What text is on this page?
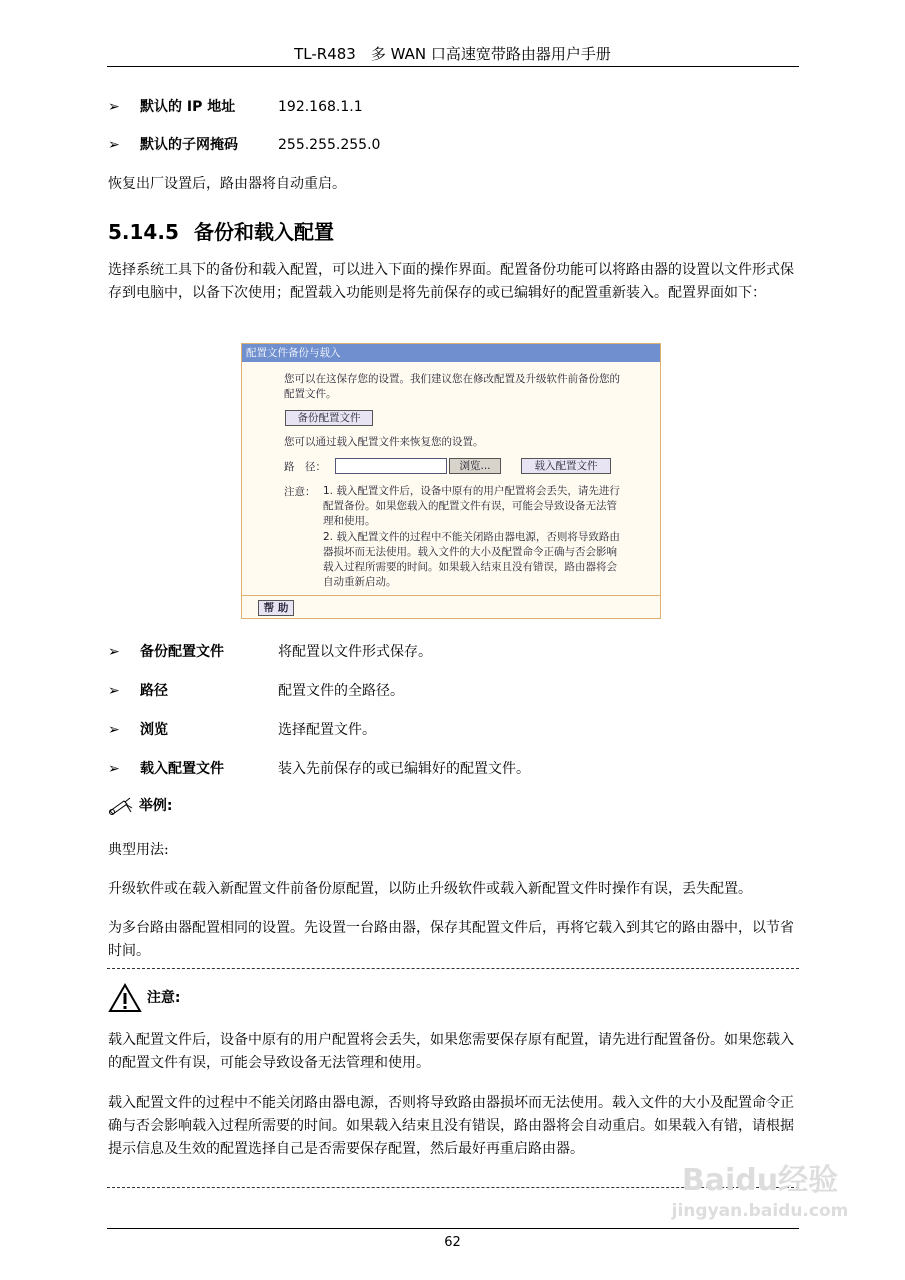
TL-R483　多 WAN 口高速宽带路由器用户手册
➢ 默认的 IP 地址	192.168.1.1
➢ 默认的子网掩码	255.255.255.0
恢复出厂设置后，路由器将自动重启。
5.14.5 备份和载入配置
选择系统工具下的备份和载入配置，可以进入下面的操作界面。配置备份功能可以将路由器的设置以文件形式保存到电脑中，以备下次使用；配置载入功能则是将先前保存的或已编辑好的配置重新装入。配置界面如下：
配置文件备份与载入
您可以在这保存您的设置。我们建议您在修改配置及升级软件前备份您的配置文件。
备份配置文件
您可以通过载入配置文件来恢复您的设置。
路　径：	浏览...	载入配置文件
注意： 1. 载入配置文件后，设备中原有的用户配置将会丢失，请先进行配置备份。如果您载入的配置文件有误，可能会导致设备无法管理和使用。
2. 载入配置文件的过程中不能关闭路由器电源，否则将导致路由器损坏而无法使用。载入文件的大小及配置命令正确与否会影响载入过程所需要的时间。如果载入结束且没有错误，路由器将会自动重新启动。
帮 助
➢ 备份配置文件	将配置以文件形式保存。
➢ 路径	配置文件的全路径。
➢ 浏览	选择配置文件。
➢ 载入配置文件	装入先前保存的或已编辑好的配置文件。
举例:
典型用法:
升级软件或在载入新配置文件前备份原配置，以防止升级软件或载入新配置文件时操作有误，丢失配置。
为多台路由器配置相同的设置。先设置一台路由器，保存其配置文件后，再将它载入到其它的路由器中，以节省时间。
注意:
载入配置文件后，设备中原有的用户配置将会丢失，如果您需要保存原有配置，请先进行配置备份。如果您载入的配置文件有误，可能会导致设备无法管理和使用。
载入配置文件的过程中不能关闭路由器电源，否则将导致路由器损坏而无法使用。载入文件的大小及配置命令正确与否会影响载入过程所需要的时间。如果载入结束且没有错误，路由器将会自动重启。如果载入有错，请根据提示信息及生效的配置选择自己是否需要保存配置，然后最好再重启路由器。
Baidu经验
jingyan.baidu.com
62
